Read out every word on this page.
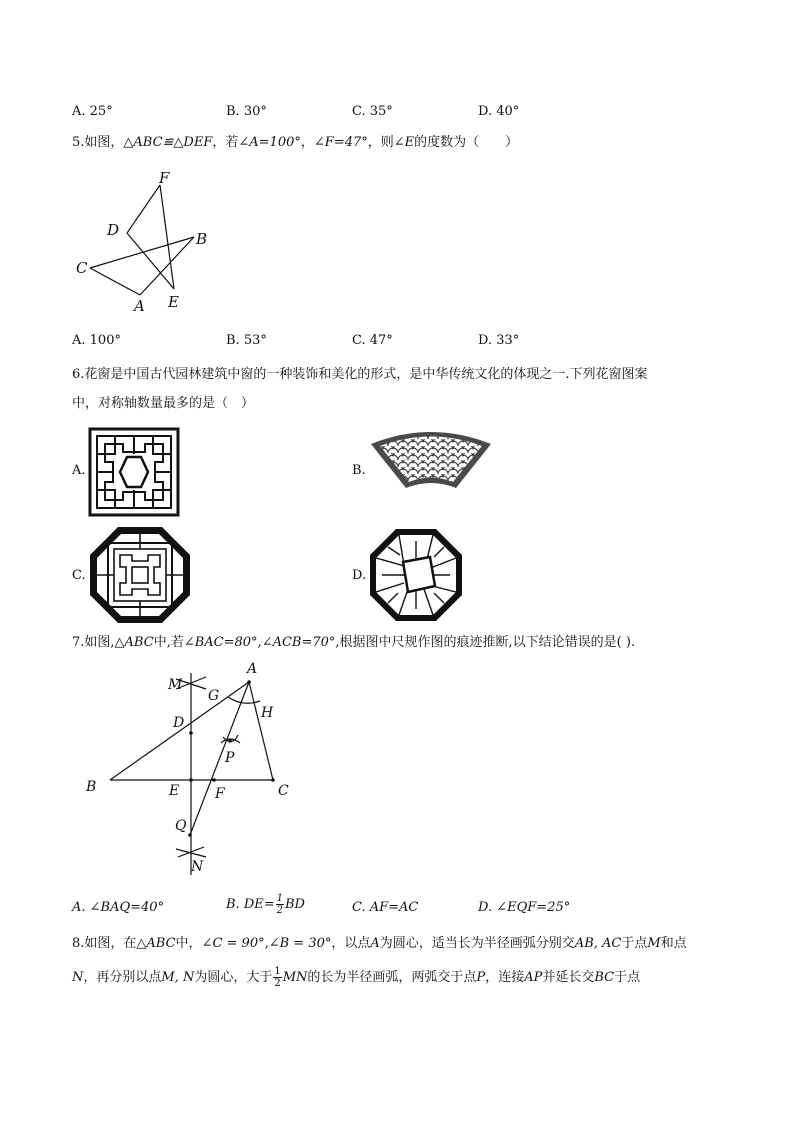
A. 25°	B. 30°	C. 35°	D. 40°
5.如图，△ABC≌△DEF，若∠A=100°，∠F=47°，则∠E的度数为（　　）
F
D	B
C
A E
A. 100°	B. 53°	C. 47°	D. 33°
6.花窗是中国古代园林建筑中窗的一种装饰和美化的形式，是中华传统文化的体现之一.下列花窗图案
中，对称轴数量最多的是（　）
A.	B.
C.	D.
7.如图,△ABC中,若∠BAC=80°,∠ACB=70°,根据图中尺规作图的痕迹推断,以下结论错误的是( ).
M
G
A
H
D
P
B	E	F	C
Q
N
A. ∠BAQ=40°	B. $DE= \frac{1}{2}$ BD	C. AF=AC	D. ∠EQF=25°
8.如图，在△ABC中，∠C = 90°,∠B = 30°，以点A为圆心，适当长为半径画弧分别交AB, AC于点M和点
N，再分别以点M, N为圆心，大于 $\frac{1}{2}$ MN的长为半径画弧，两弧交于点P，连接AP并延长交BC于点
